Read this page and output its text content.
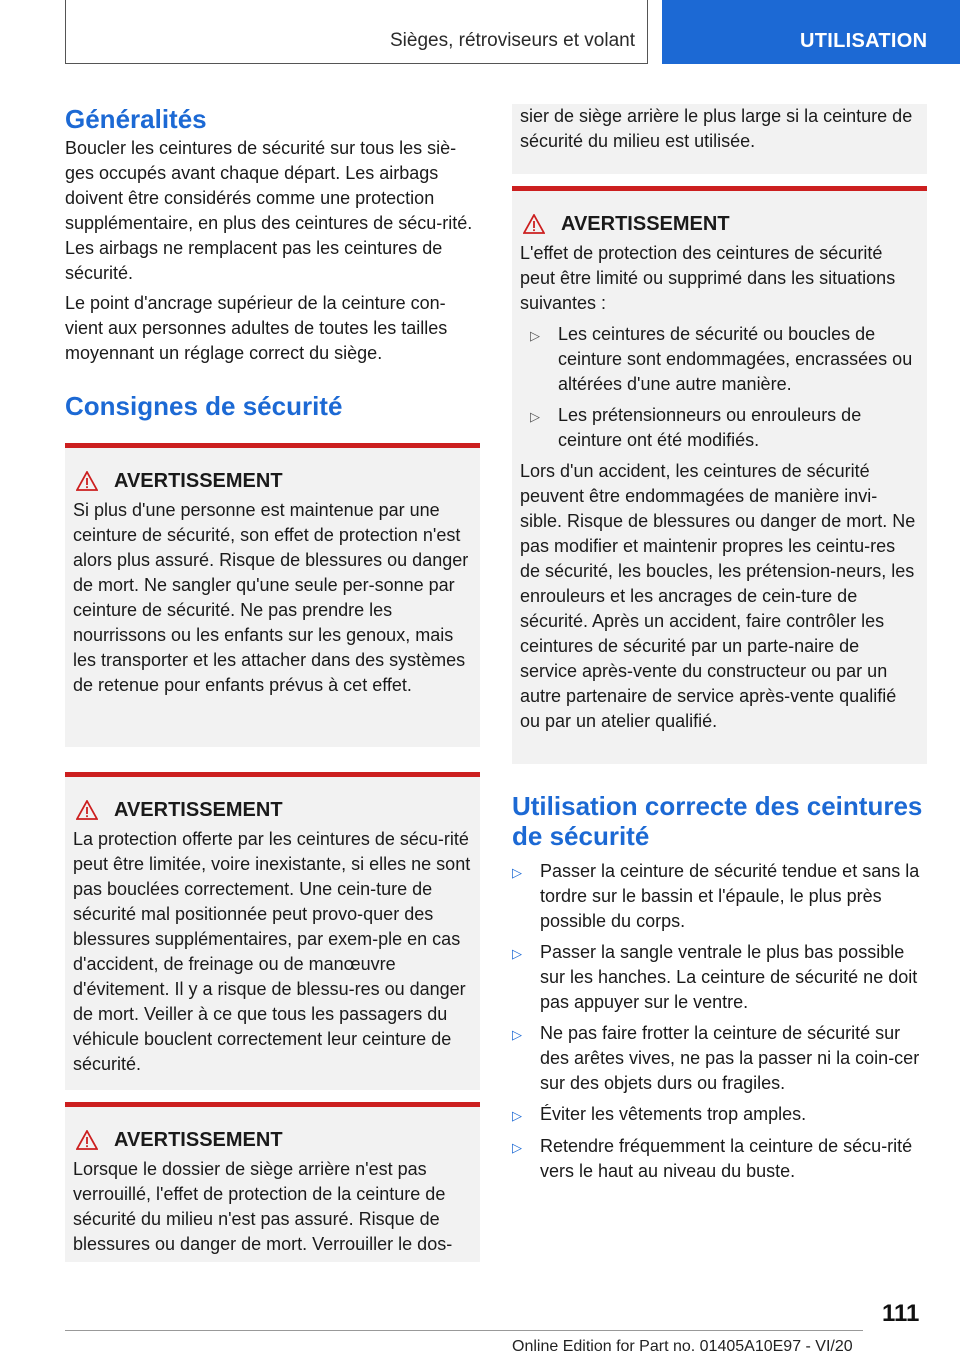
Sièges, rétroviseurs et volant	UTILISATION
Généralités

Boucler les ceintures de sécurité sur tous les siè-ges occupés avant chaque départ. Les airbags doivent être considérés comme une protection supplémentaire, en plus des ceintures de sécu-rité. Les airbags ne remplacent pas les ceintures de sécurité.

Le point d'ancrage supérieur de la ceinture con-vient aux personnes adultes de toutes les tailles moyennant un réglage correct du siège.

Consignes de sécurité
AVERTISSEMENT

Si plus d'une personne est maintenue par une ceinture de sécurité, son effet de protection n'est alors plus assuré. Risque de blessures ou danger de mort. Ne sangler qu'une seule per-sonne par ceinture de sécurité. Ne pas prendre les nourrissons ou les enfants sur les genoux, mais les transporter et les attacher dans des systèmes de retenue pour enfants prévus à cet effet.

AVERTISSEMENT

La protection offerte par les ceintures de sécu-rité peut être limitée, voire inexistante, si elles ne sont pas bouclées correctement. Une cein-ture de sécurité mal positionnée peut provo-quer des blessures supplémentaires, par exem-ple en cas d'accident, de freinage ou de manœuvre d'évitement. Il y a risque de blessu-res ou danger de mort. Veiller à ce que tous les passagers du véhicule bouclent correctement leur ceinture de sécurité.

AVERTISSEMENT

Lorsque le dossier de siège arrière n'est pas verrouillé, l'effet de protection de la ceinture de sécurité du milieu n'est pas assuré. Risque de blessures ou danger de mort. Verrouiller le dos-

sier de siège arrière le plus large si la ceinture de sécurité du milieu est utilisée.

AVERTISSEMENT

L'effet de protection des ceintures de sécurité peut être limité ou supprimé dans les situations suivantes :

▷	Les ceintures de sécurité ou boucles de ceinture sont endommagées, encrassées ou altérées d'une autre manière.
▷	Les prétensionneurs ou enrouleurs de ceinture ont été modifiés.

Lors d'un accident, les ceintures de sécurité peuvent être endommagées de manière invi-sible. Risque de blessures ou danger de mort. Ne pas modifier et maintenir propres les ceintu-res de sécurité, les boucles, les prétension-neurs, les enrouleurs et les ancrages de cein-ture de sécurité. Après un accident, faire contrôler les ceintures de sécurité par un parte-naire de service après-vente du constructeur ou par un autre partenaire de service après-vente qualifié ou par un atelier qualifié.

Utilisation correcte des ceintures de sécurité
▷	Passer la ceinture de sécurité tendue et sans la tordre sur le bassin et l'épaule, le plus près possible du corps.
▷	Passer la sangle ventrale le plus bas possible sur les hanches. La ceinture de sécurité ne doit pas appuyer sur le ventre.
▷	Ne pas faire frotter la ceinture de sécurité sur des arêtes vives, ne pas la passer ni la coin-cer sur des objets durs ou fragiles.
▷	Éviter les vêtements trop amples.
▷	Retendre fréquemment la ceinture de sécu-rité vers le haut au niveau du buste.
111
Online Edition for Part no. 01405A10E97 - VI/20
